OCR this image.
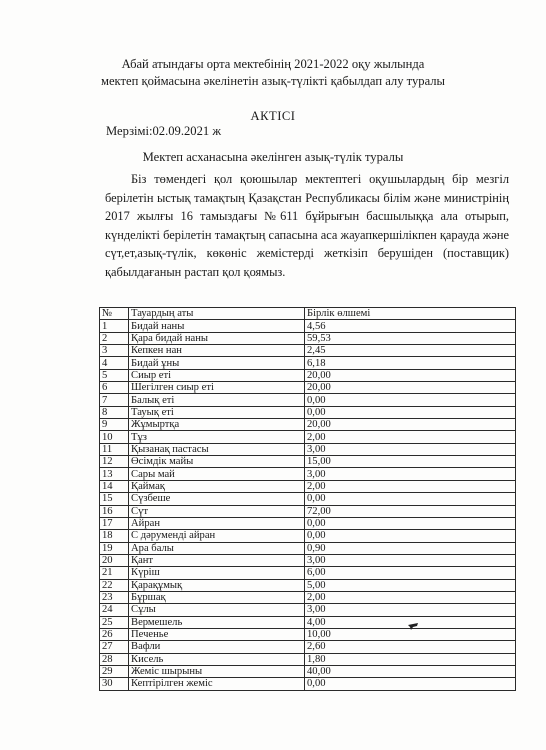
Абай атындағы орта мектебінің 2021-2022 оқу жылында
мектеп қоймасына әкелінетін азық-түлікті қабылдап алу туралы
АКТІСІ
Мерзімі:02.09.2021 ж
Мектеп асханасына әкелінген азық-түлік туралы
Біз төмендегі қол қоюшылар мектептегі оқушылардың бір мезгіл берілетін ыстық тамақтың Қазақстан Республикасы білім және министрінің 2017 жылғы 16 тамыздағы №611 бұйрығын басшылыққа ала отырып, күнделікті берілетін тамақтың сапасына аса жауапкершілікпен қарауда және сүт,ет,азық-түлік, көкөніс жемістерді жеткізіп берушіден (поставщик) қабылдағанын растап қол қоямыз.
№	Тауардың аты	Бірлік өлшемі
1	Бидай наны	4,56
2	Қара бидай наны	59,53
3	Кепкен нан	2,45
4	Бидай ұны	6,18
5	Сиыр еті	20,00
6	Шегілген сиыр еті	20,00
7	Балық еті	0,00
8	Тауық еті	0,00
9	Жұмыртқа	20,00
10	Тұз	2,00
11	Қызанақ пастасы	3,00
12	Өсімдік майы	15,00
13	Сары май	3,00
14	Қаймақ	2,00
15	Сүзбеше	0,00
16	Сүт	72,00
17	Айран	0,00
18	С дәруменді айран	0,00
19	Ара балы	0,90
20	Қант	3,00
21	Күріш	6,00
22	Қарақұмық	5,00
23	Бұршақ	2,00
24	Сұлы	3,00
25	Вермешель	4,00
26	Печенье	10,00
27	Вафли	2,60
28	Кисель	1,80
29	Жеміс шырыны	40,00
30	Кептірілген жеміс	0,00
